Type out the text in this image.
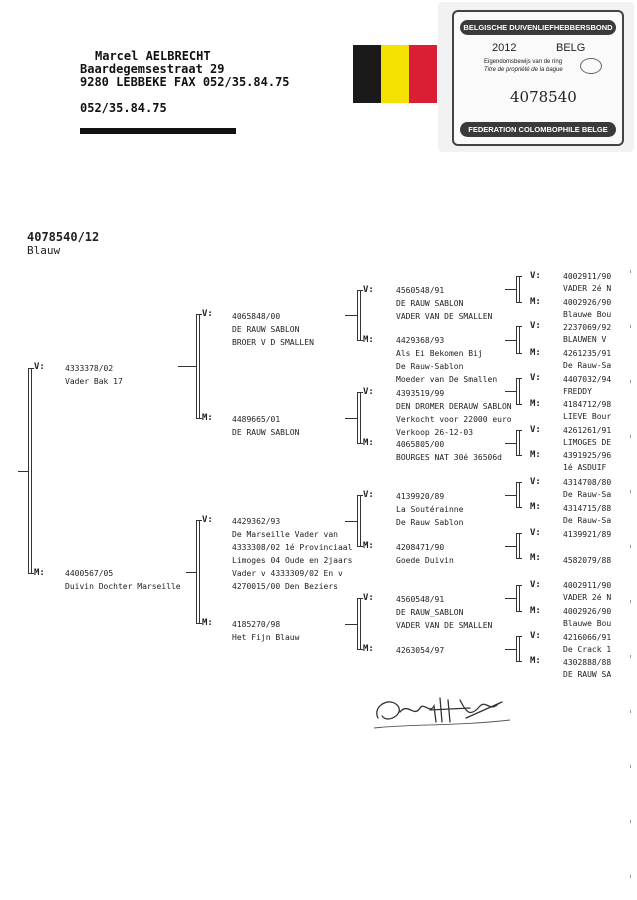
Marcel AELBRECHT
Baardegemsestraat 29
9280 LEBBEKE FAX 052/35.84.75
052/35.84.75
BELGISCHE DUIVENLIEFHEBBERSBOND
2012	BELG
Eigendomsbewijs van de ring
Titre de propriété de la bague
4078540
FEDERATION COLOMBOPHILE BELGE
4078540/12
Blauw
V:
M:
4333378/02
Vader Bak 17
4400567/05
Duivin Dochter Marseille
V:
M:
V:
M:
4065848/00
DE RAUW SABLON
BROER V D SMALLEN
4489665/01
DE RAUW SABLON
4429362/93
De Marseille Vader van
4333308/02 1é Provinciaal
Limoges 04 Oude en 2jaars
Vader v 4333309/02 En v
4270015/00 Den Beziers
4185270/98
Het Fijn Blauw
V:
M:
V:
M:
V:
M:
V:
M:
4560548/91
DE RAUW SABLON
VADER VAN DE SMALLEN
4429368/93
Als Ei Bekomen Bij
De Rauw-Sablon
Moeder van De Smallen
4393519/99
DEN DROMER DERAUW SABLON
Verkocht voor 22000 euro
Verkoop 26-12-03
4065805/00
BOURGES NAT 30é 36506d
4139920/89
La Soutérainne
De Rauw Sablon
4208471/90
Goede Duivin
4560548/91
DE RAUW_SABLON
VADER VAN DE SMALLEN
4263054/97
V:
M:
V:
M:
V:
M:
V:
M:
V:
M:
V:
M:
V:
M:
V:
M:
4002911/90
VADER 2é N
4002926/90
Blauwe Bou
2237069/92
BLAUWEN V
4261235/91
De Rauw-Sa
4407032/94
FREDDY
4184712/98
LIEVE Bour
4261261/91
LIMOGES DE
4391925/96
1é ASDUIF
4314708/80
De Rauw-Sa
4314715/88
De Rauw-Sa
4139921/89
4582079/88
4002911/90
VADER 2é N
4002926/90
Blauwe Bou
4216066/91
De Crack 1
4302888/88
DE RAUW SA
